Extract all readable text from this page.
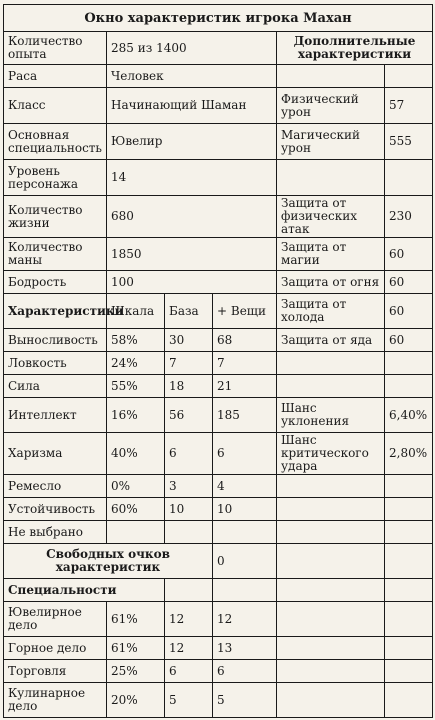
Окно характеристик игрока Махан					
Количество опыта	285 из 1400			Дополнительные характеристики	
Раса	Человек				
Класс	Начинающий Шаман			Физический урон	57
Основная специальность	Ювелир			Магический урон	555
Уровень персонажа	14				
Количество жизни	680			Защита от физических атак	230
Количество маны	1850			Защита от магии	60
Бодрость	100			Защита от огня	60
Характеристики	Шкала	База	+ Вещи	Защита от холода	60
Выносливость	58%	30	68	Защита от яда	60
Ловкость	24%	7	7		
Сила	55%	18	21		
Интеллект	16%	56	185	Шанс уклонения	6,40%
Харизма	40%	6	6	Шанс критического удара	2,80%
Ремесло	0%	3	4		
Устойчивость	60%	10	10		
Не выбрано					
Свободных очков характеристик			0		
Специальности					
Ювелирное дело	61%	12	12		
Горное дело	61%	12	13		
Торговля	25%	6	6		
Кулинарное дело	20%	5	5		
